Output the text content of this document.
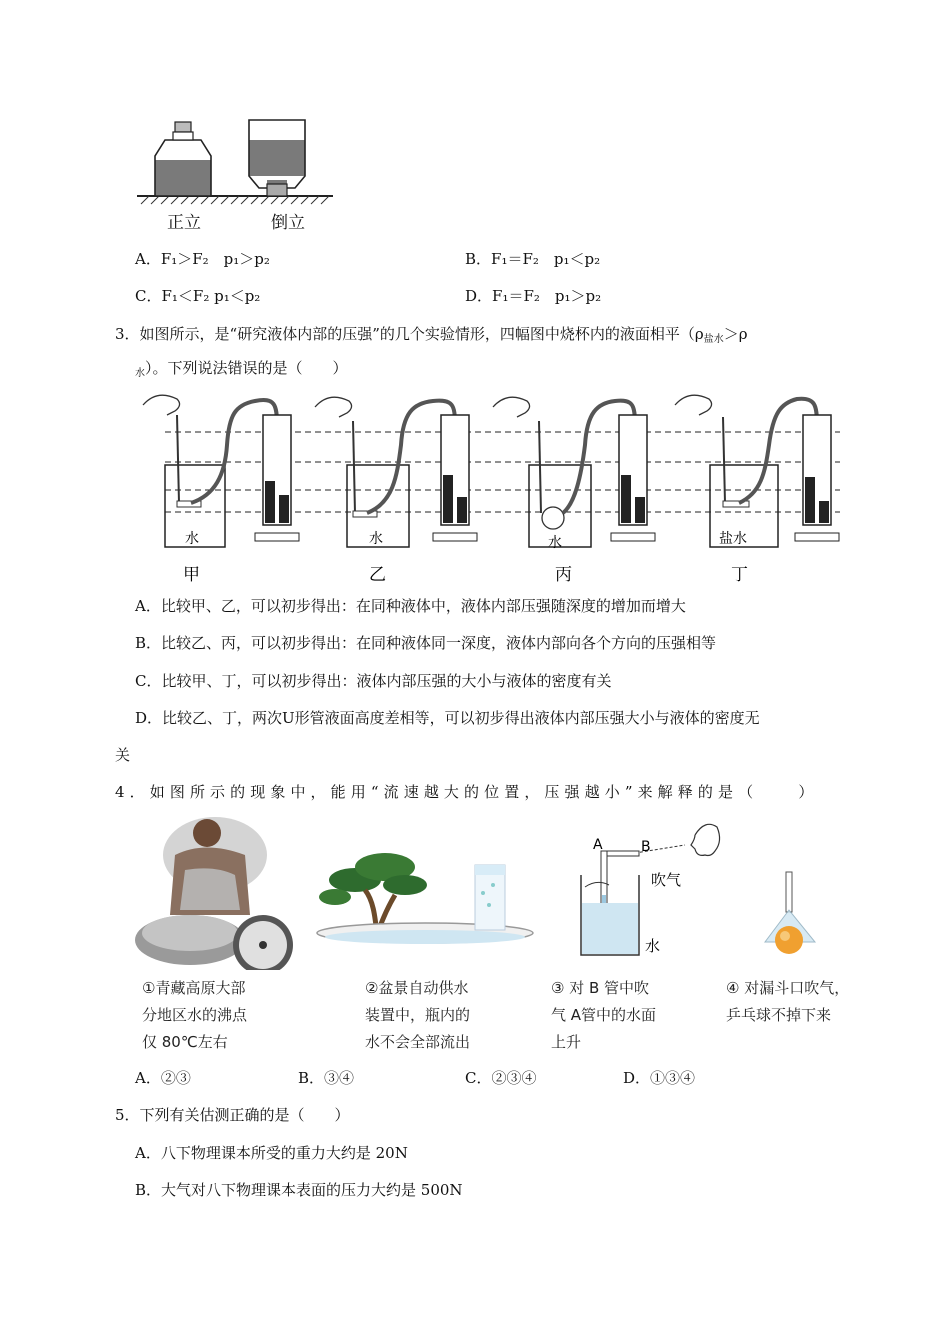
正立	倒立
A．F₁＞F₂　p₁＞p₂	B．F₁＝F₂　p₁＜p₂
C．F₁＜F₂ p₁＜p₂	D．F₁＝F₂　p₁＞p₂
3．如图所示，是“研究液体内部的压强”的几个实验情形，四幅图中烧杯内的液面相平（$\rho_{盐水}>\rho$
$_水$）。下列说法错误的是（　　）
水	水	水	盐水
甲	乙	丙	丁
A．比较甲、乙，可以初步得出：在同种液体中，液体内部压强随深度的增加而增大
B．比较乙、丙，可以初步得出：在同种液体同一深度，液体内部向各个方向的压强相等
C．比较甲、丁，可以初步得出：液体内部压强的大小与液体的密度有关
D．比较乙、丁，两次U形管液面高度差相等，可以初步得出液体内部压强大小与液体的密度无
关
4．如图所示的现象中，能用“流速越大的位置，压强越小”来解释的是（　　）
A	B
吹气
水
①青藏高原大部
分地区水的沸点
仅 80℃左右
②盆景自动供水
装置中，瓶内的
水不会全部流出
③ 对 B 管中吹
气 A管中的水面
上升
④ 对漏斗口吹气，
乒乓球不掉下来
A．②③	B．③④	C．②③④	D．①③④
5．下列有关估测正确的是（　　）
A．八下物理课本所受的重力大约是 20N
B．大气对八下物理课本表面的压力大约是 500N
